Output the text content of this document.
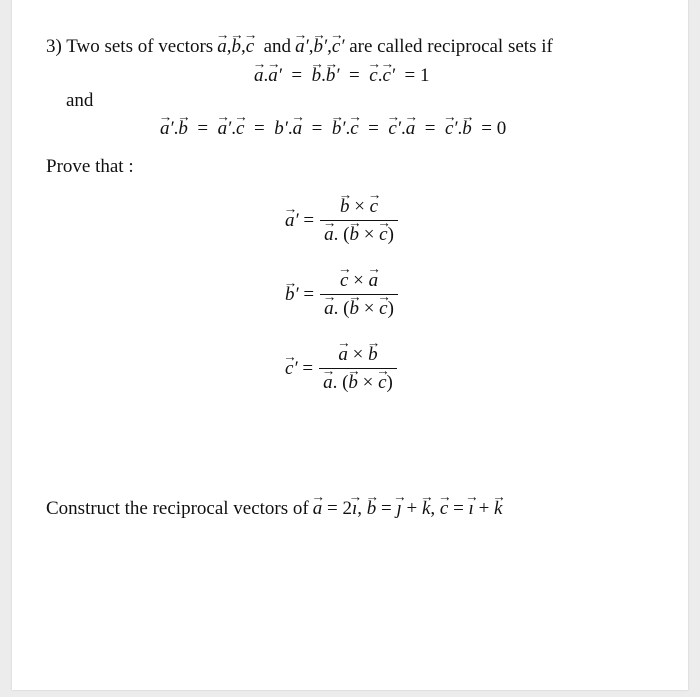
3) Two sets of vectors a →,b →,c → and a →′,b →′,c →′ are called reciprocal sets if
a →.a →′  =  b →.b →′  =  c →.c →′  = 1
and
a →′.b →  =  a →′.c →  =  b′.a →  =  b →′.c →  =  c →′.a →  =  c →′.b →  = 0
Prove that :
a →′ = $\frac{b \to \times c \to}{a \to. (b \to \times c \to)}$
b →′ = $\frac{c \to \times a \to}{a \to. (b \to \times c \to)}$
c →′ = $\frac{a \to \times b \to}{a \to. (b \to \times c \to)}$
Construct the reciprocal vectors of a → = 2ı →, b → = ȷ → + k →, c → = ı → + k →
